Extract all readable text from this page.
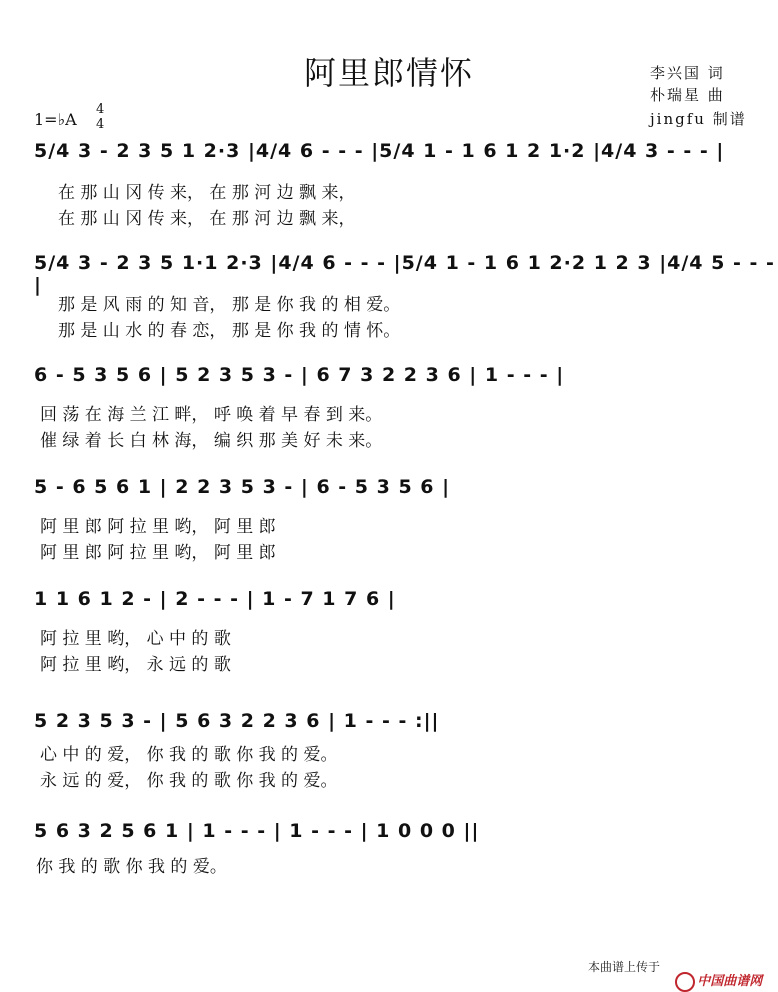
阿里郎情怀	李兴国 词
朴瑞星 曲
jingfu 制谱
1=♭A
4
4
5/4 3 - 2 3 5 1 2·3 |4/4 6 - - - |5/4 1 - 1 6 1 2 1·2 |4/4 3 - - - |
在 那 山 冈 传 来， 在 那 河 边 飘 来，
在 那 山 冈 传 来， 在 那 河 边 飘 来，
5/4 3 - 2 3 5 1·1 2·3 |4/4 6 - - - |5/4 1 - 1 6 1 2·2 1 2 3 |4/4 5 - - - |
那 是 风 雨 的 知 音， 那 是 你 我 的 相 爱。
那 是 山 水 的 春 恋， 那 是 你 我 的 情 怀。
6 - 5 3 5 6 | 5 2 3 5 3 - | 6 7 3 2 2 3 6 | 1 - - - |
回 荡 在 海 兰 江 畔， 呼 唤 着 早 春 到 来。
催 绿 着 长 白 林 海， 编 织 那 美 好 未 来。
5 - 6 5 6 1 | 2 2 3 5 3 - | 6 - 5 3 5 6 |
阿 里 郎 阿 拉 里 哟， 阿 里 郎
阿 里 郎 阿 拉 里 哟， 阿 里 郎
1 1 6 1 2 - | 2 - - - | 1 - 7 1 7 6 |
阿 拉 里 哟， 心 中 的 歌
阿 拉 里 哟， 永 远 的 歌
5 2 3 5 3 - | 5 6 3 2 2 3 6 | 1 - - - :||
心 中 的 爱， 你 我 的 歌 你 我 的 爱。
永 远 的 爱， 你 我 的 歌 你 我 的 爱。
5 6 3 2 5 6 1 | 1 - - - | 1 - - - | 1 0 0 0 ||
你 我 的 歌 你 我 的 爱。
本曲谱上传于

中国曲谱网
